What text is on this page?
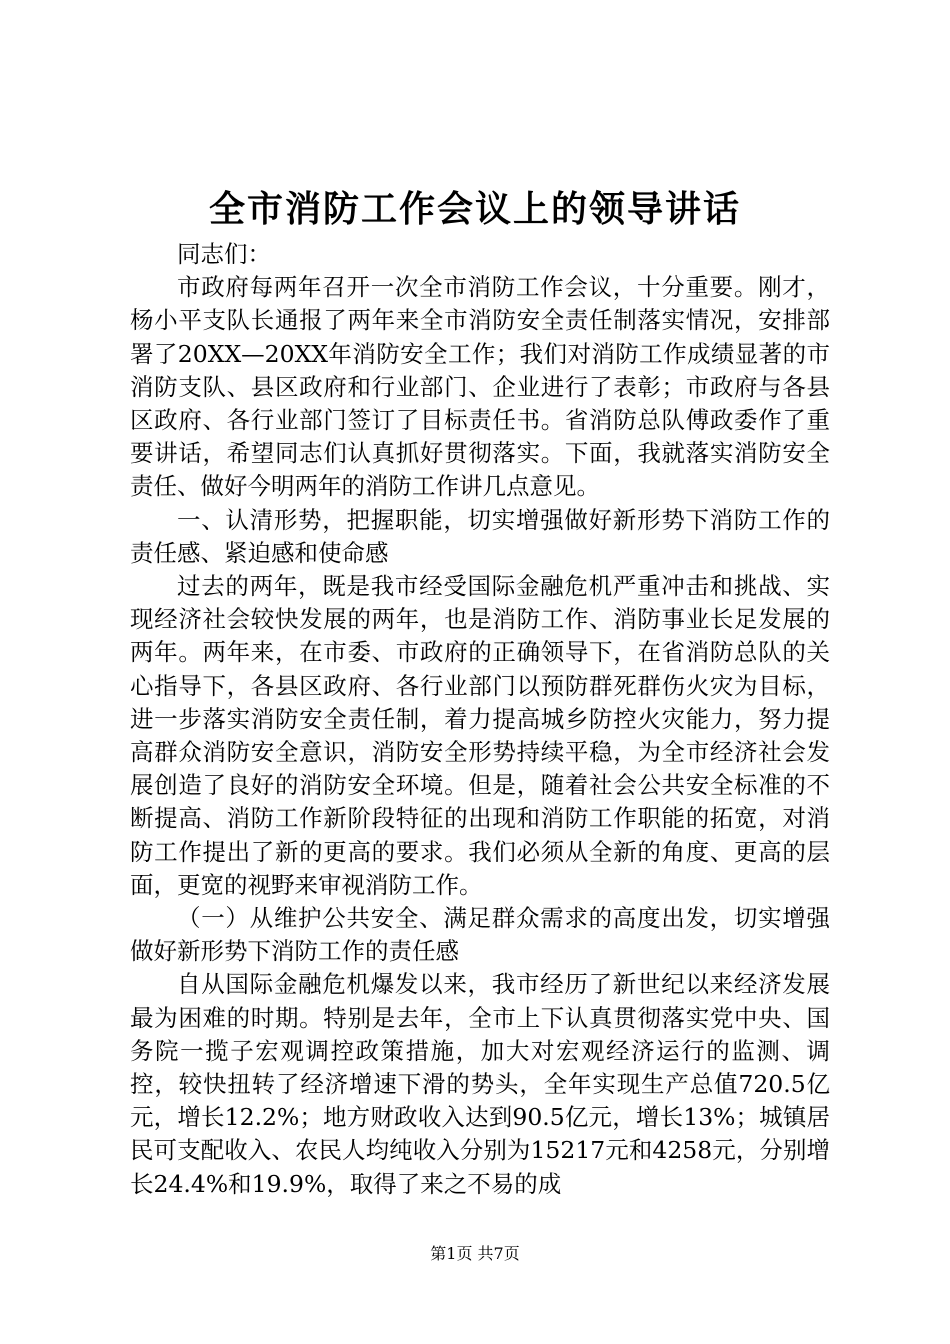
全市消防工作会议上的领导讲话

同志们：

市政府每两年召开一次全市消防工作会议，十分重要。刚才，杨小平支队长通报了两年来全市消防安全责任制落实情况，安排部署了20XX—20XX年消防安全工作；我们对消防工作成绩显著的市消防支队、县区政府和行业部门、企业进行了表彰；市政府与各县区政府、各行业部门签订了目标责任书。省消防总队傅政委作了重要讲话，希望同志们认真抓好贯彻落实。下面，我就落实消防安全责任、做好今明两年的消防工作讲几点意见。

一、认清形势，把握职能，切实增强做好新形势下消防工作的责任感、紧迫感和使命感

过去的两年，既是我市经受国际金融危机严重冲击和挑战、实现经济社会较快发展的两年，也是消防工作、消防事业长足发展的两年。两年来，在市委、市政府的正确领导下，在省消防总队的关心指导下，各县区政府、各行业部门以预防群死群伤火灾为目标，进一步落实消防安全责任制，着力提高城乡防控火灾能力，努力提高群众消防安全意识，消防安全形势持续平稳，为全市经济社会发展创造了良好的消防安全环境。但是，随着社会公共安全标准的不断提高、消防工作新阶段特征的出现和消防工作职能的拓宽，对消防工作提出了新的更高的要求。我们必须从全新的角度、更高的层面，更宽的视野来审视消防工作。

（一）从维护公共安全、满足群众需求的高度出发，切实增强做好新形势下消防工作的责任感

自从国际金融危机爆发以来，我市经历了新世纪以来经济发展最为困难的时期。特别是去年，全市上下认真贯彻落实党中央、国务院一揽子宏观调控政策措施，加大对宏观经济运行的监测、调控，较快扭转了经济增速下滑的势头，全年实现生产总值720.5亿元，增长12.2%；地方财政收入达到90.5亿元，增长13%；城镇居民可支配收入、农民人均纯收入分别为15217元和4258元，分别增长24.4%和19.9%，取得了来之不易的成

第1页 共7页
